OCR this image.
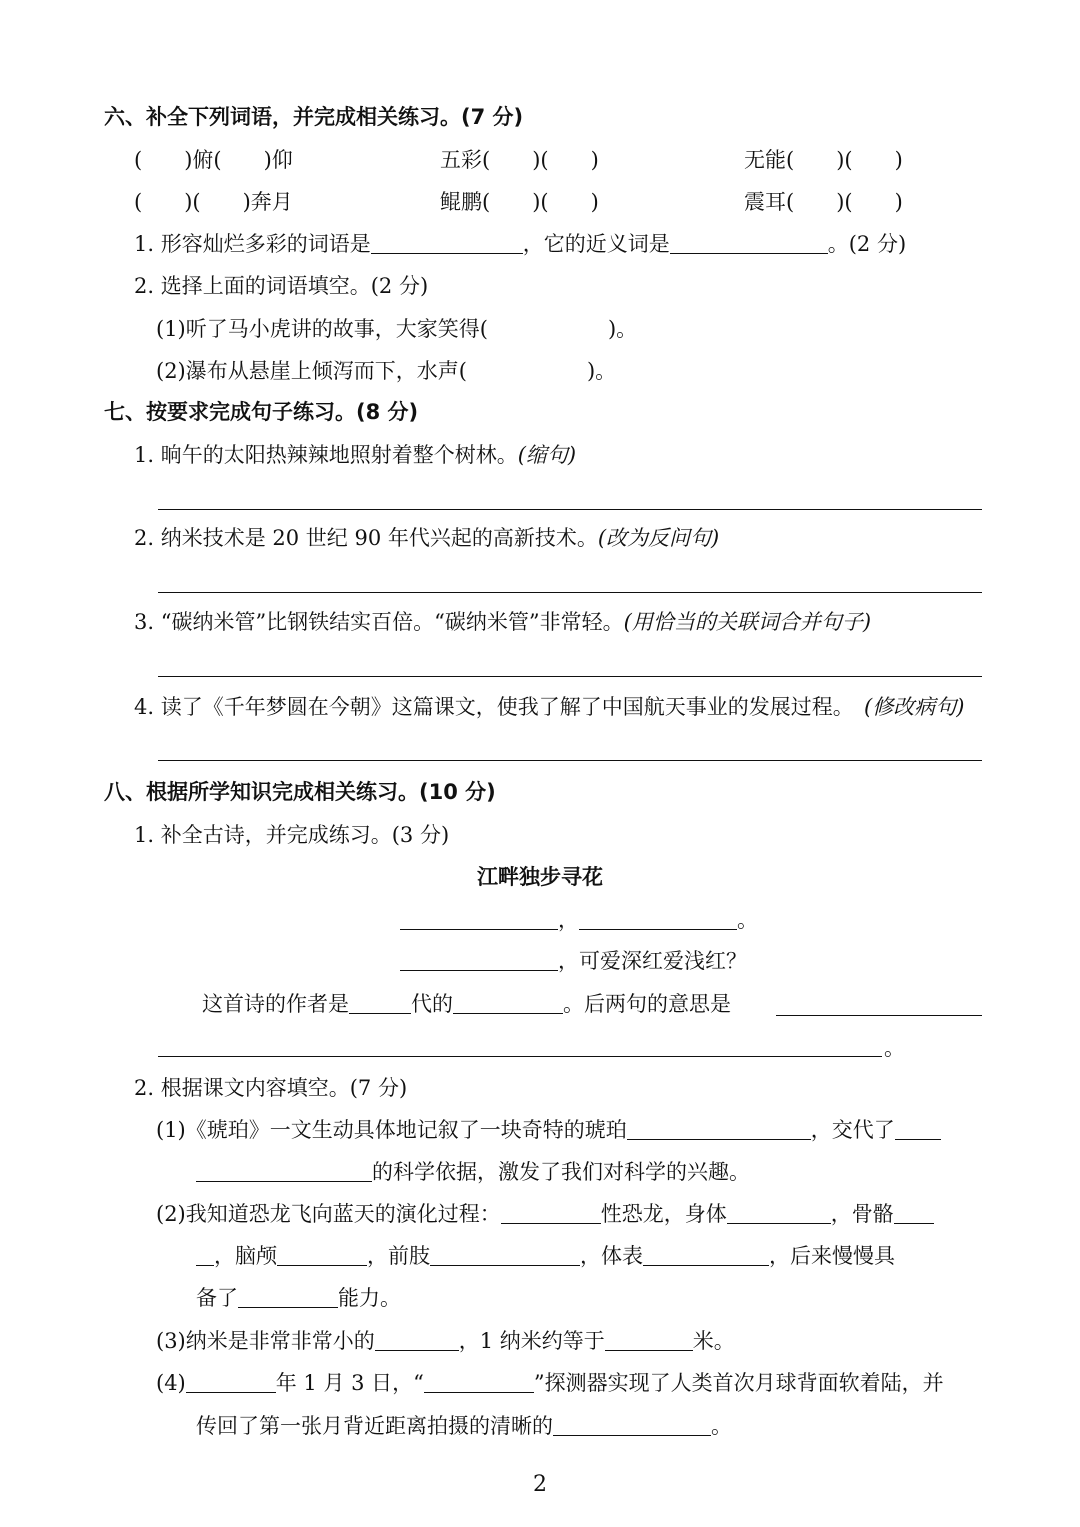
六、补全下列词语，并完成相关练习。(7 分)
(　　)俯(　　)仰	五彩(　　)(　　)	无能(　　)(　　)
(　　)(　　)奔月	鲲鹏(　　)(　　)	震耳(　　)(　　)
1. 形容灿烂多彩的词语是	，它的近义词是	。(2 分)
2. 选择上面的词语填空。(2 分)
(1)听了马小虎讲的故事，大家笑得(	)。
(2)瀑布从悬崖上倾泻而下，水声(	)。
七、按要求完成句子练习。(8 分)
1. 晌午的太阳热辣辣地照射着整个树林。(缩句)
2. 纳米技术是 20 世纪 90 年代兴起的高新技术。(改为反问句)
3. “碳纳米管”比钢铁结实百倍。“碳纳米管”非常轻。(用恰当的关联词合并句子)
4. 读了《千年梦圆在今朝》这篇课文，使我了解了中国航天事业的发展过程。 (修改病句)
八、根据所学知识完成相关练习。(10 分)
1. 补全古诗，并完成练习。(3 分)
江畔独步寻花
，	。
，可爱深红爱浅红？
这首诗的作者是	代的	。后两句的意思是
。
2. 根据课文内容填空。(7 分)
(1)《琥珀》一文生动具体地记叙了一块奇特的琥珀	，交代了
的科学依据，激发了我们对科学的兴趣。
(2)我知道恐龙飞向蓝天的演化过程：	性恐龙，身体	，骨骼
，脑颅	，前肢	，体表	，后来慢慢具
备了	能力。
(3)纳米是非常非常小的	，1 纳米约等于	米。
(4)	年 1 月 3 日，“	”探测器实现了人类首次月球背面软着陆，并
传回了第一张月背近距离拍摄的清晰的	。
2
